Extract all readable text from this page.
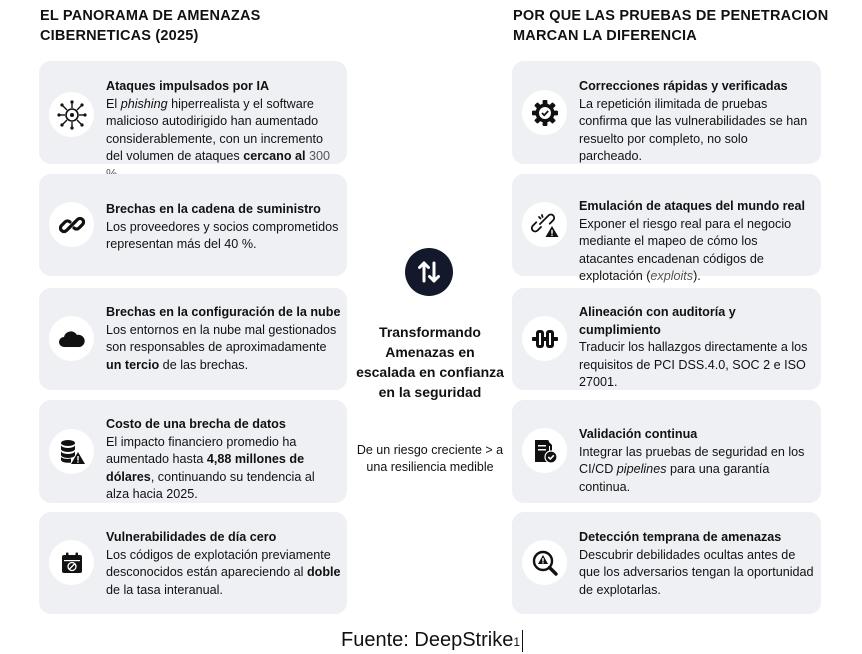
EL PANORAMA DE AMENAZAS CIBERNETICAS (2025)
POR QUE LAS PRUEBAS DE PENETRACION MARCAN LA DIFERENCIA
Ataques impulsados por IA
El phishing hiperrealista y el software malicioso autodirigido han aumentado considerablemente, con un incremento del volumen de ataques cercano al 300
Brechas en la cadena de suministro
Los proveedores y socios comprometidos representan más del 40 %.
Brechas en la configuración de la nube
Los entornos en la nube mal gestionados son responsables de aproximadamente un tercio de las brechas.
Costo de una brecha de datos
El impacto financiero promedio ha aumentado hasta 4,88 millones de dólares, continuando su tendencia al alza hacia 2025.
Vulnerabilidades de día cero
Los códigos de explotación previamente desconocidos están apareciendo al doble de la tasa interanual.
Correcciones rápidas y verificadas
La repetición ilimitada de pruebas confirma que las vulnerabilidades se han resuelto por completo, no solo parcheado.
Emulación de ataques del mundo real
Exponer el riesgo real para el negocio mediante el mapeo de cómo los atacantes encadenan códigos de explotación (exploits).
Alineación con auditoría y cumplimiento
Traducir los hallazgos directamente a los requisitos de PCI DSS.4.0, SOC 2 e ISO 27001.
Validación continua
Integrar las pruebas de seguridad en los CI/CD pipelines para una garantía continua.
Detección temprana de amenazas
Descubrir debilidades ocultas antes de que los adversarios tengan la oportunidad de explotarlas.
Transformando Amenazas en escalada en confianza en la seguridad
De un riesgo creciente > a una resiliencia medible
Fuente: DeepStrike$^1$
